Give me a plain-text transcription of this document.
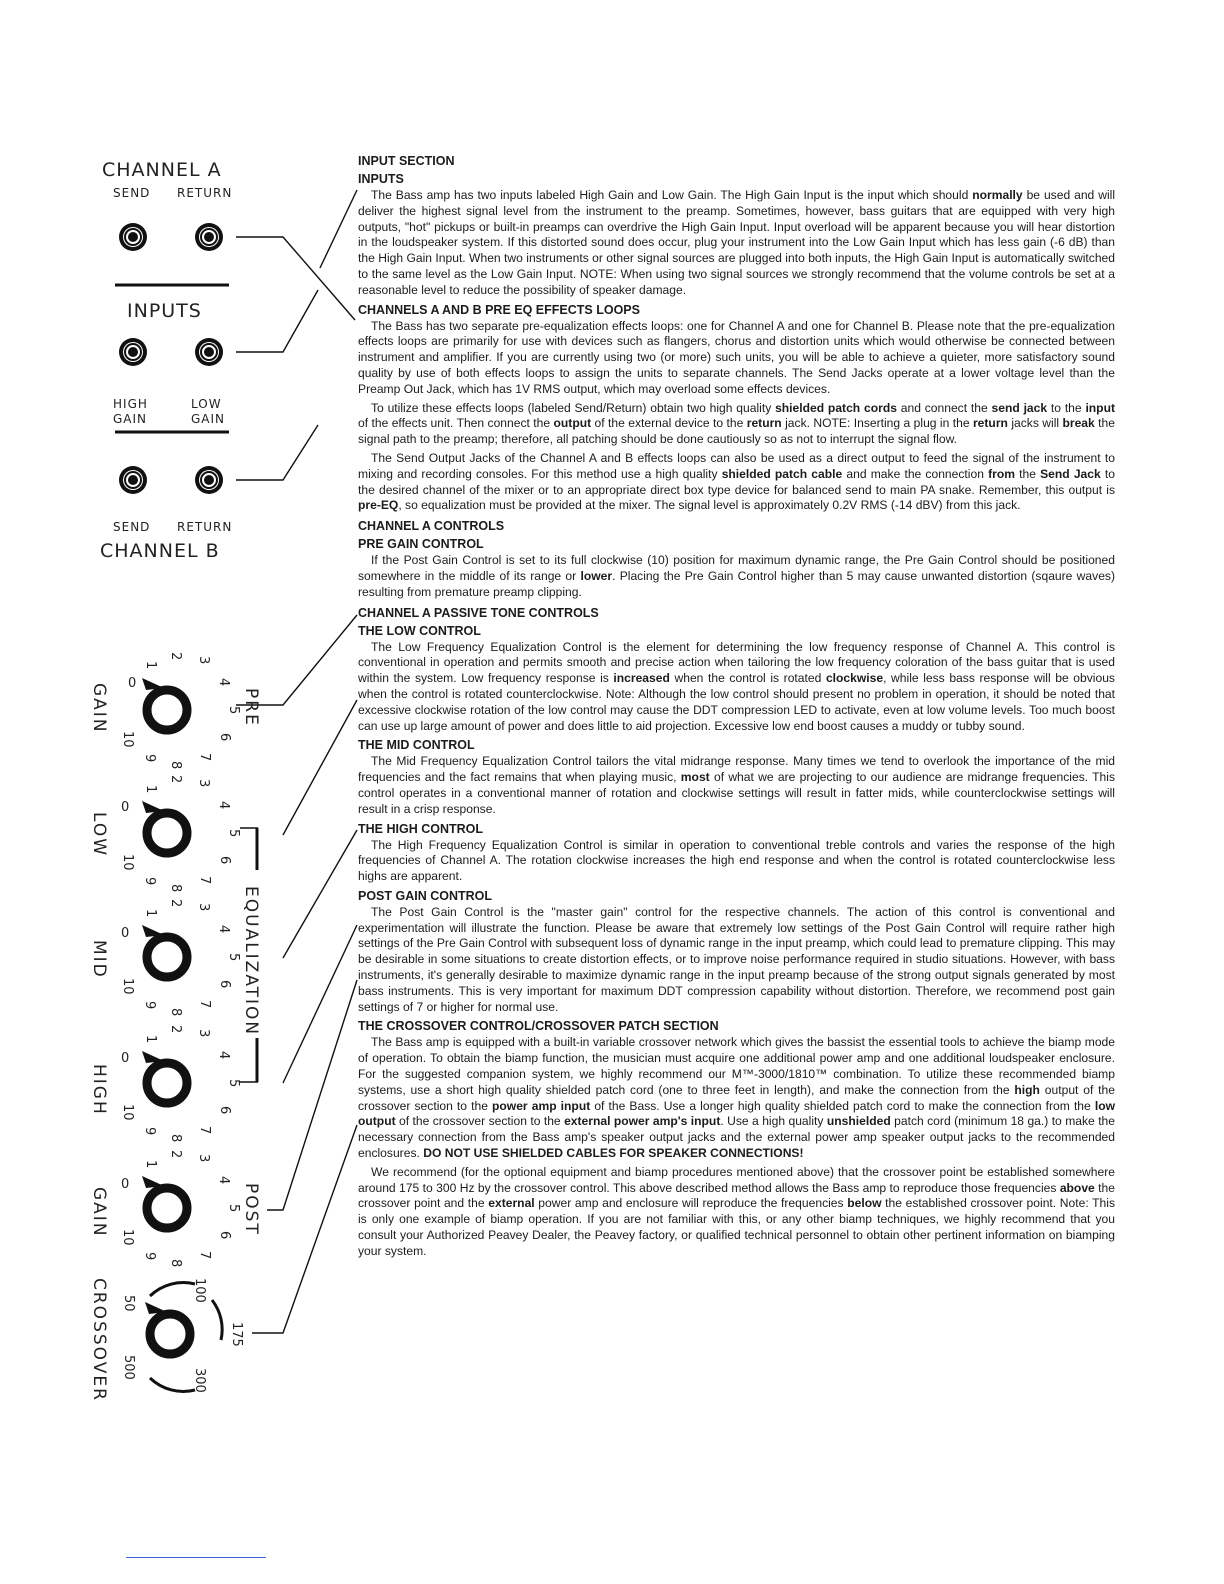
CHANNEL A
SEND RETURN
INPUTS
HIGH
GAIN
LOW
GAIN
SEND RETURN
CHANNEL B
0
1
2 3
4
5
6
7
8
9
10
GAIN
0
1
2 3
4
5
6
7
8
9
10
LOW
0
1
2 3
4
5
6
7
8
9
10
MID
0
1
2 3
4
5
6
7
8
9
10
HIGH
0
1
2 3
4
5
6
7
8
9
10
GAIN
PRE
EQUALIZATION
POST
50
100
175
300
500
CROSSOVER

INPUT SECTION

INPUTS

The Bass amp has two inputs labeled High Gain and Low Gain. The High Gain Input is the input which should normally be used and will deliver the highest signal level from the instrument to the preamp. Sometimes, however, bass guitars that are equipped with very high outputs, "hot" pickups or built-in preamps can overdrive the High Gain Input. Input overload will be apparent because you will hear distortion in the loudspeaker system. If this distorted sound does occur, plug your instrument into the Low Gain Input which has less gain (-6 dB) than the High Gain Input. When two instruments or other signal sources are plugged into both inputs, the High Gain Input is automatically switched to the same level as the Low Gain Input. NOTE: When using two signal sources we strongly recommend that the volume controls be set at a reasonable level to reduce the possibility of speaker damage.

CHANNELS A AND B PRE EQ EFFECTS LOOPS

The Bass has two separate pre-equalization effects loops: one for Channel A and one for Channel B. Please note that the pre-equalization effects loops are primarily for use with devices such as flangers, chorus and distortion units which would otherwise be connected between instrument and amplifier. If you are currently using two (or more) such units, you will be able to achieve a quieter, more satisfactory sound quality by use of both effects loops to assign the units to separate channels. The Send Jacks operate at a lower voltage level than the Preamp Out Jack, which has 1V RMS output, which may overload some effects devices.

To utilize these effects loops (labeled Send/Return) obtain two high quality shielded patch cords and connect the send jack to the input of the effects unit. Then connect the output of the external device to the return jack. NOTE: Inserting a plug in the return jacks will break the signal path to the preamp; therefore, all patching should be done cautiously so as not to interrupt the signal flow.

The Send Output Jacks of the Channel A and B effects loops can also be used as a direct output to feed the signal of the instrument to mixing and recording consoles. For this method use a high quality shielded patch cable and make the connection from the Send Jack to the desired channel of the mixer or to an appropriate direct box type device for balanced send to main PA snake. Remember, this output is pre-EQ, so equalization must be provided at the mixer. The signal level is approximately 0.2V RMS (-14 dBV) from this jack.

CHANNEL A CONTROLS

PRE GAIN CONTROL

If the Post Gain Control is set to its full clockwise (10) position for maximum dynamic range, the Pre Gain Control should be positioned somewhere in the middle of its range or lower. Placing the Pre Gain Control higher than 5 may cause unwanted distortion (sqaure waves) resulting from premature preamp clipping.

CHANNEL A PASSIVE TONE CONTROLS

THE LOW CONTROL

The Low Frequency Equalization Control is the element for determining the low frequency response of Channel A. This control is conventional in operation and permits smooth and precise action when tailoring the low frequency coloration of the bass guitar that is used within the system. Low frequency response is increased when the control is rotated clockwise, while less bass response will be obvious when the control is rotated counterclockwise. Note: Although the low control should present no problem in operation, it should be noted that excessive clockwise rotation of the low control may cause the DDT compression LED to activate, even at low volume levels. Too much boost can use up large amount of power and does little to aid projection. Excessive low end boost causes a muddy or tubby sound.

THE MID CONTROL

The Mid Frequency Equalization Control tailors the vital midrange response. Many times we tend to overlook the importance of the mid frequencies and the fact remains that when playing music, most of what we are projecting to our audience are midrange frequencies. This control operates in a conventional manner of rotation and clockwise settings will result in fatter mids, while counterclockwise settings will result in a crisp response.

THE HIGH CONTROL

The High Frequency Equalization Control is similar in operation to conventional treble controls and varies the response of the high frequencies of Channel A. The rotation clockwise increases the high end response and when the control is rotated counterclockwise less highs are apparent.

POST GAIN CONTROL

The Post Gain Control is the "master gain" control for the respective channels. The action of this control is conventional and experimentation will illustrate the function. Please be aware that extremely low settings of the Post Gain Control will require rather high settings of the Pre Gain Control with subsequent loss of dynamic range in the input preamp, which could lead to premature clipping. This may be desirable in some situations to create distortion effects, or to improve noise performance required in studio situations. However, with bass instruments, it's generally desirable to maximize dynamic range in the input preamp because of the strong output signals generated by most bass instruments. This is very important for maximum DDT compression capability without distortion. Therefore, we recommend post gain settings of 7 or higher for normal use.

THE CROSSOVER CONTROL/CROSSOVER PATCH SECTION

The Bass amp is equipped with a built-in variable crossover network which gives the bassist the essential tools to achieve the biamp mode of operation. To obtain the biamp function, the musician must acquire one additional power amp and one additional loudspeaker enclosure. For the suggested companion system, we highly recommend our M™-3000/1810™ combination. To utilize these recommended biamp systems, use a short high quality shielded patch cord (one to three feet in length), and make the connection from the high output of the crossover section to the power amp input of the Bass. Use a longer high quality shielded patch cord to make the connection from the low output of the crossover section to the external power amp's input. Use a high quality unshielded patch cord (minimum 18 ga.) to make the necessary connection from the Bass amp's speaker output jacks and the external power amp speaker output jacks to the recommended enclosures. DO NOT USE SHIELDED CABLES FOR SPEAKER CONNECTIONS!

We recommend (for the optional equipment and biamp procedures mentioned above) that the crossover point be established somewhere around 175 to 300 Hz by the crossover control. This above described method allows the Bass amp to reproduce those frequencies above the crossover point and the external power amp and enclosure will reproduce the frequencies below the established crossover point. Note: This is only one example of biamp operation. If you are not familiar with this, or any other biamp techniques, we highly recommend that you consult your Authorized Peavey Dealer, the Peavey factory, or qualified technical personnel to obtain other pertinent information on biamping your system.
